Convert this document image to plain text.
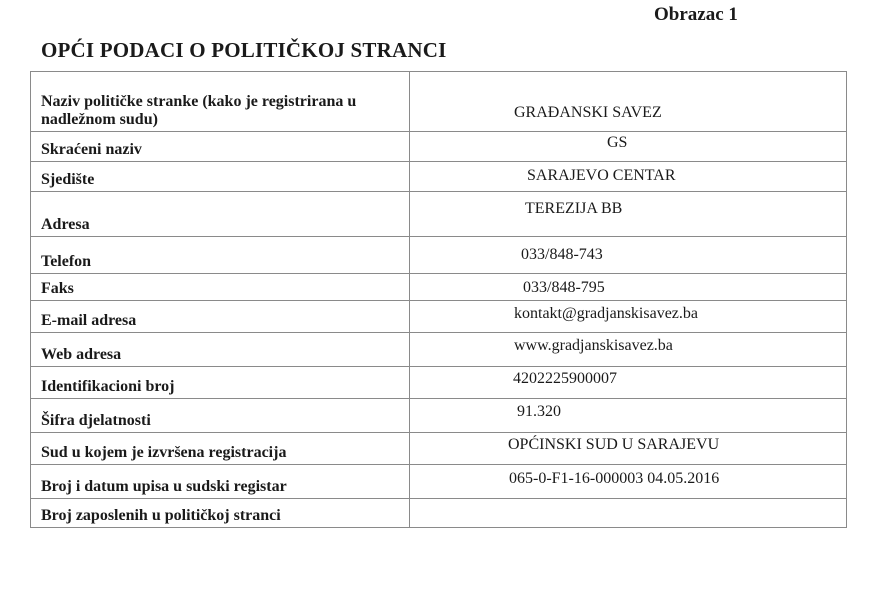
Obrazac 1
OPĆI PODACI O POLITIČKOJ STRANCI
Naziv političke stranke (kako je registrirana u nadležnom sudu)	GRAĐANSKI SAVEZ

Skraćeni naziv	GS

Sjedište	SARAJEVO CENTAR

Adresa	TEREZIJA BB

Telefon	033/848-743

Faks	033/848-795

E-mail adresa	kontakt@gradjanskisavez.ba

Web adresa	www.gradjanskisavez.ba

Identifikacioni broj	4202225900007

Šifra djelatnosti	91.320

Sud u kojem je izvršena registracija	OPĆINSKI SUD U SARAJEVU

Broj i datum upisa u sudski registar	065-0-F1-16-000003 04.05.2016

Broj zaposlenih u političkoj stranci	
